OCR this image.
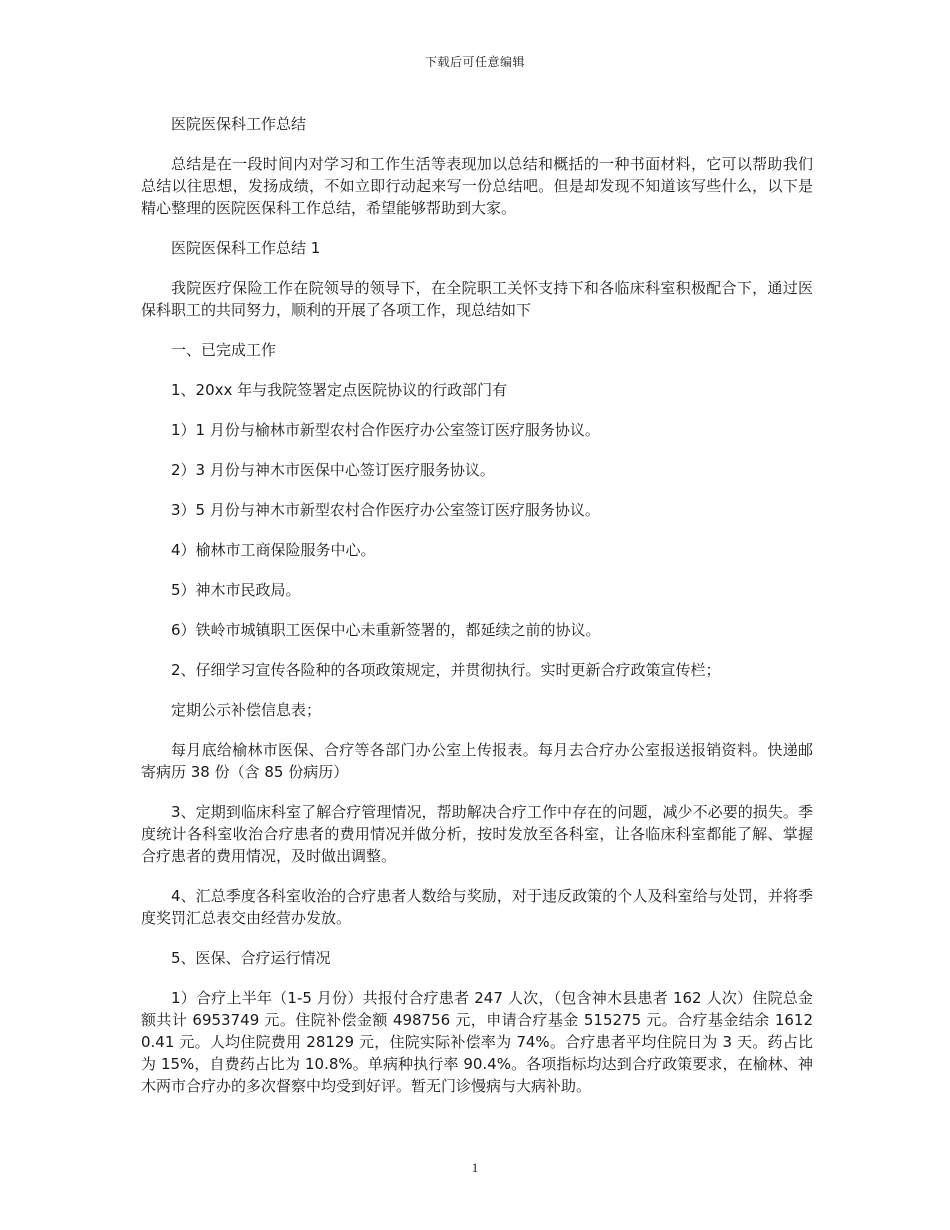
下载后可任意编辑

医院医保科工作总结

总结是在一段时间内对学习和工作生活等表现加以总结和概括的一种书面材料，它可以帮助我们总结以往思想，发扬成绩，不如立即行动起来写一份总结吧。但是却发现不知道该写些什么，以下是精心整理的医院医保科工作总结，希望能够帮助到大家。

医院医保科工作总结 1

我院医疗保险工作在院领导的领导下，在全院职工关怀支持下和各临床科室积极配合下，通过医保科职工的共同努力，顺利的开展了各项工作，现总结如下

一、已完成工作

1、20xx 年与我院签署定点医院协议的行政部门有

1）1 月份与榆林市新型农村合作医疗办公室签订医疗服务协议。

2）3 月份与神木市医保中心签订医疗服务协议。

3）5 月份与神木市新型农村合作医疗办公室签订医疗服务协议。

4）榆林市工商保险服务中心。

5）神木市民政局。

6）铁岭市城镇职工医保中心未重新签署的，都延续之前的协议。

2、仔细学习宣传各险种的各项政策规定，并贯彻执行。实时更新合疗政策宣传栏；

定期公示补偿信息表；

每月底给榆林市医保、合疗等各部门办公室上传报表。每月去合疗办公室报送报销资料。快递邮寄病历 38 份（含 85 份病历）

3、定期到临床科室了解合疗管理情况，帮助解决合疗工作中存在的问题，减少不必要的损失。季度统计各科室收治合疗患者的费用情况并做分析，按时发放至各科室，让各临床科室都能了解、掌握合疗患者的费用情况，及时做出调整。

4、汇总季度各科室收治的合疗患者人数给与奖励，对于违反政策的个人及科室给与处罚，并将季度奖罚汇总表交由经营办发放。

5、医保、合疗运行情况

1）合疗上半年（1-5 月份）共报付合疗患者 247 人次，（包含神木县患者 162 人次）住院总金额共计 6953749 元。住院补偿金额 498756 元，申请合疗基金 515275 元。合疗基金结余 16120.41 元。人均住院费用 28129 元，住院实际补偿率为 74%。合疗患者平均住院日为 3 天。药占比为 15%，自费药占比为 10.8%。单病种执行率 90.4%。各项指标均达到合疗政策要求，在榆林、神木两市合疗办的多次督察中均受到好评。暂无门诊慢病与大病补助。

1
